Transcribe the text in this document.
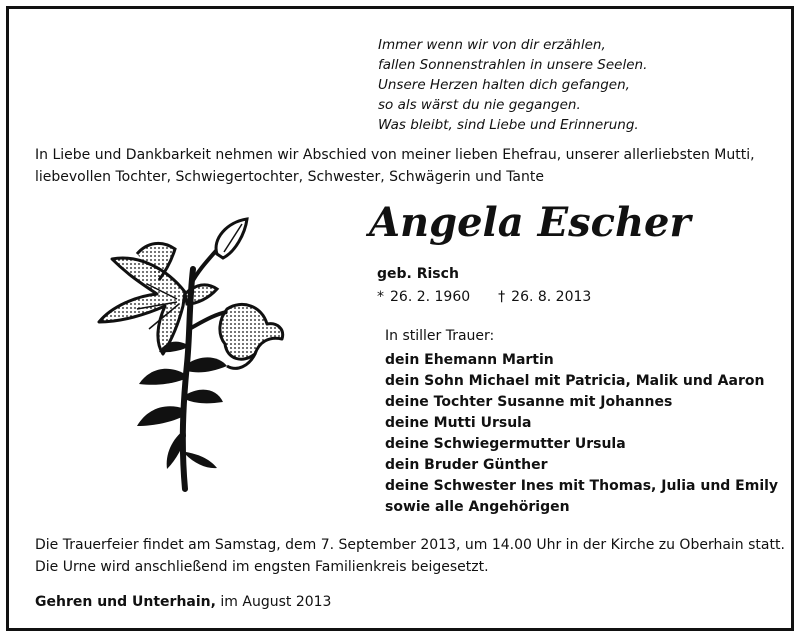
Immer wenn wir von dir erzählen,
fallen Sonnenstrahlen in unsere Seelen.
Unsere Herzen halten dich gefangen,
so als wärst du nie gegangen.
Was bleibt, sind Liebe und Erinnerung.
In Liebe und Dankbarkeit nehmen wir Abschied von meiner lieben Ehefrau, unserer allerliebsten Mutti,
liebevollen Tochter, Schwiegertochter, Schwester, Schwägerin und Tante
Angela Escher
geb. Risch
* 26. 2. 1960 † 26. 8. 2013
In stiller Trauer:
dein Ehemann Martin
dein Sohn Michael mit Patricia, Malik und Aaron
deine Tochter Susanne mit Johannes
deine Mutti Ursula
deine Schwiegermutter Ursula
dein Bruder Günther
deine Schwester Ines mit Thomas, Julia und Emily
sowie alle Angehörigen
Die Trauerfeier findet am Samstag, dem 7. September 2013, um 14.00 Uhr in der Kirche zu Oberhain statt.
Die Urne wird anschließend im engsten Familienkreis beigesetzt.
Gehren und Unterhain, im August 2013
